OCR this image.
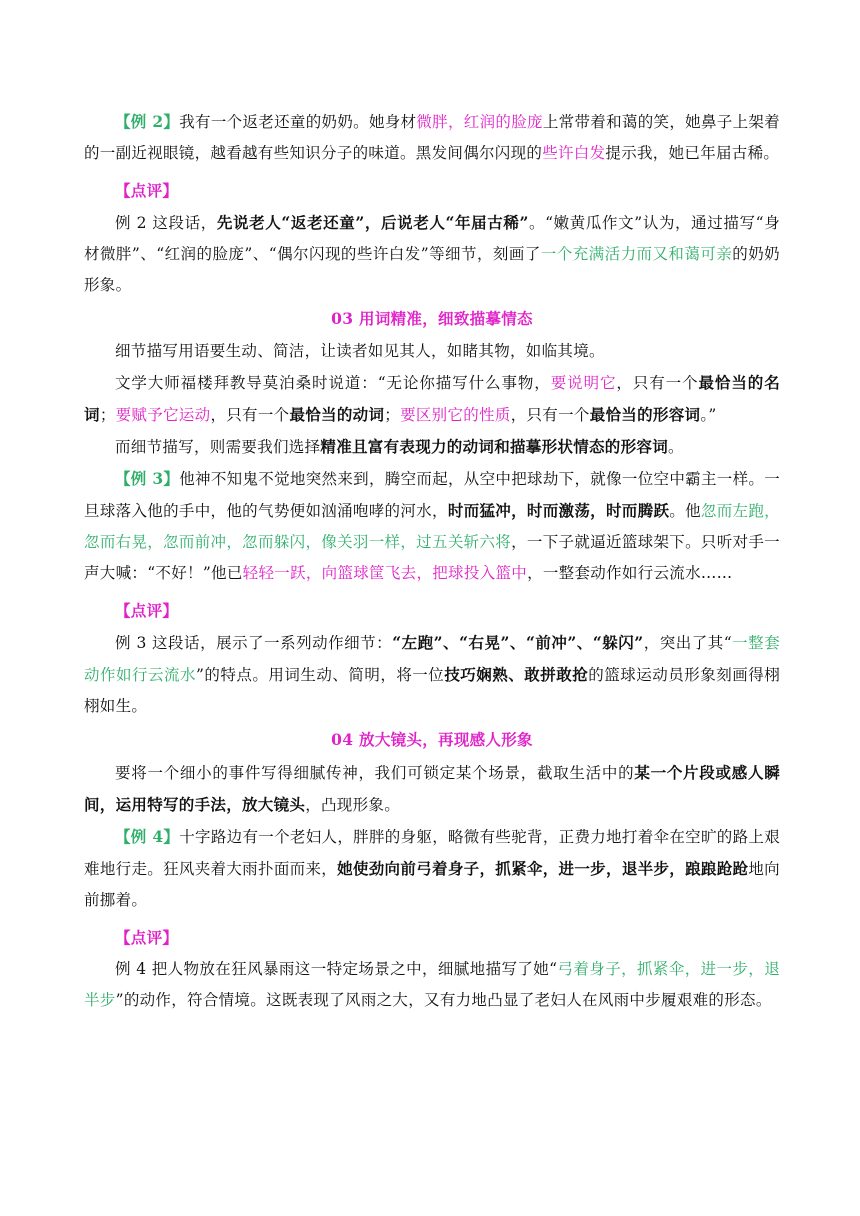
【例 2】我有一个返老还童的奶奶。她身材微胖，红润的脸庞上常带着和蔼的笑，她鼻子上架着的一副近视眼镜，越看越有些知识分子的味道。黑发间偶尔闪现的些许白发提示我，她已年届古稀。

【点评】

例 2 这段话，先说老人“返老还童”，后说老人“年届古稀”。“嫩黄瓜作文”认为，通过描写“身材微胖”、“红润的脸庞”、“偶尔闪现的些许白发”等细节，刻画了一个充满活力而又和蔼可亲的奶奶形象。

03 用词精准，细致描摹情态

细节描写用语要生动、简洁，让读者如见其人，如睹其物，如临其境。

文学大师福楼拜教导莫泊桑时说道：“无论你描写什么事物，要说明它，只有一个最恰当的名词；要赋予它运动，只有一个最恰当的动词；要区别它的性质，只有一个最恰当的形容词。”

而细节描写，则需要我们选择精准且富有表现力的动词和描摹形状情态的形容词。

【例 3】他神不知鬼不觉地突然来到，腾空而起，从空中把球劫下，就像一位空中霸主一样。一旦球落入他的手中，他的气势便如汹涌咆哮的河水，时而猛冲，时而激荡，时而腾跃。他忽而左跑，忽而右晃，忽而前冲，忽而躲闪，像关羽一样，过五关斩六将，一下子就逼近篮球架下。只听对手一声大喊：“不好！”他已轻轻一跃，向篮球筐飞去，把球投入篮中，一整套动作如行云流水……

【点评】

例 3 这段话，展示了一系列动作细节：“左跑”、“右晃”、“前冲”、“躲闪”，突出了其“一整套动作如行云流水”的特点。用词生动、简明，将一位技巧娴熟、敢拼敢抢的篮球运动员形象刻画得栩栩如生。

04 放大镜头，再现感人形象

要将一个细小的事件写得细腻传神，我们可锁定某个场景，截取生活中的某一个片段或感人瞬间，运用特写的手法，放大镜头，凸现形象。

【例 4】十字路边有一个老妇人，胖胖的身躯，略微有些驼背，正费力地打着伞在空旷的路上艰难地行走。狂风夹着大雨扑面而来，她使劲向前弓着身子，抓紧伞，进一步，退半步，踉踉跄跄地向前挪着。

【点评】

例 4 把人物放在狂风暴雨这一特定场景之中，细腻地描写了她“弓着身子，抓紧伞，进一步，退半步”的动作，符合情境。这既表现了风雨之大，又有力地凸显了老妇人在风雨中步履艰难的形态。
